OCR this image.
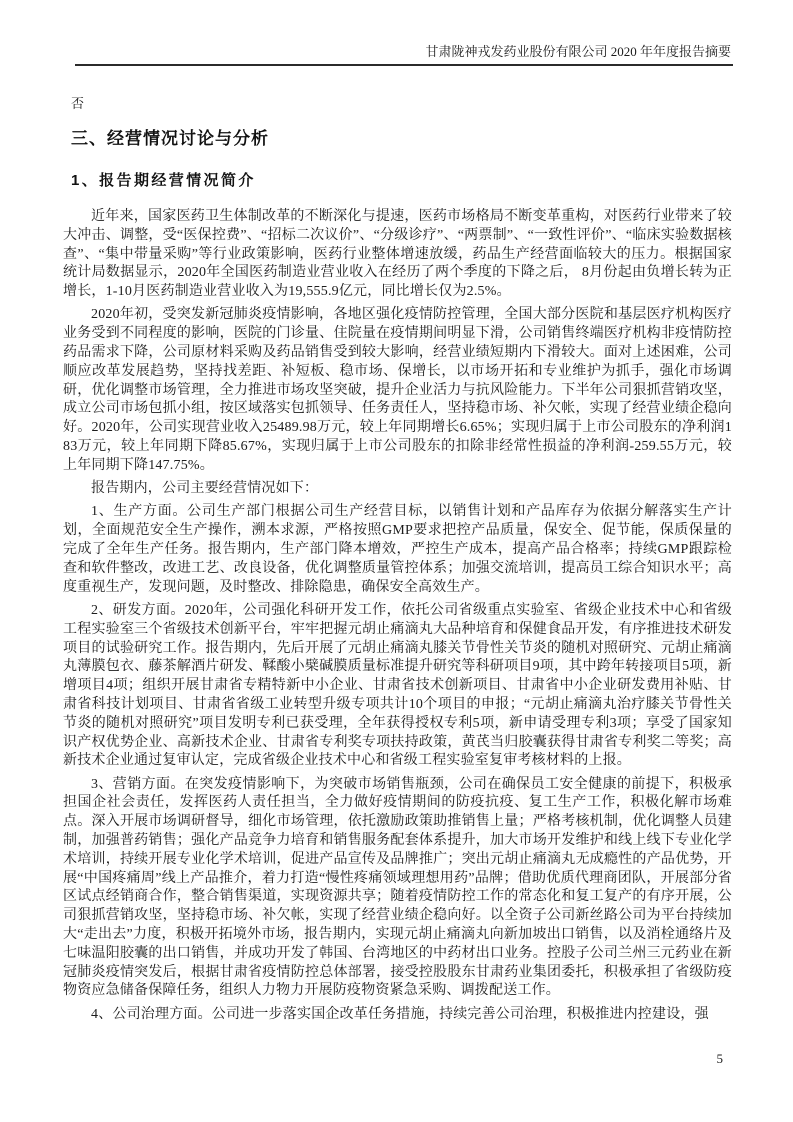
甘肃陇神戎发药业股份有限公司 2020 年年度报告摘要
否
三、经营情况讨论与分析
1、报告期经营情况简介

近年来，国家医药卫生体制改革的不断深化与提速，医药市场格局不断变革重构，对医药行业带来了较大冲击、调整，受“医保控费”、“招标二次议价”、“分级诊疗”、“两票制”、“一致性评价”、“临床实验数据核查”、“集中带量采购”等行业政策影响，医药行业整体增速放缓，药品生产经营面临较大的压力。根据国家统计局数据显示，2020年全国医药制造业营业收入在经历了两个季度的下降之后， 8月份起由负增长转为正增长，1-10月医药制造业营业收入为19,555.9亿元，同比增长仅为2.5%。

2020年初，受突发新冠肺炎疫情影响，各地区强化疫情防控管理，全国大部分医院和基层医疗机构医疗业务受到不同程度的影响，医院的门诊量、住院量在疫情期间明显下滑，公司销售终端医疗机构非疫情防控药品需求下降，公司原材料采购及药品销售受到较大影响，经营业绩短期内下滑较大。面对上述困难，公司顺应改革发展趋势，坚持找差距、补短板、稳市场、保增长，以市场开拓和专业维护为抓手，强化市场调研，优化调整市场管理，全力推进市场攻坚突破，提升企业活力与抗风险能力。下半年公司狠抓营销攻坚，成立公司市场包抓小组，按区域落实包抓领导、任务责任人，坚持稳市场、补欠帐，实现了经营业绩企稳向好。2020年，公司实现营业收入25489.98万元，较上年同期增长6.65%；实现归属于上市公司股东的净利润183万元，较上年同期下降85.67%，实现归属于上市公司股东的扣除非经常性损益的净利润-259.55万元，较上年同期下降147.75%。

报告期内，公司主要经营情况如下：

1、生产方面。公司生产部门根据公司生产经营目标，以销售计划和产品库存为依据分解落实生产计划，全面规范安全生产操作，溯本求源，严格按照GMP要求把控产品质量，保安全、促节能，保质保量的完成了全年生产任务。报告期内，生产部门降本增效，严控生产成本，提高产品合格率；持续GMP跟踪检查和软件整改，改进工艺、改良设备，优化调整质量管控体系；加强交流培训，提高员工综合知识水平；高度重视生产，发现问题，及时整改、排除隐患，确保安全高效生产。

2、研发方面。2020年，公司强化科研开发工作，依托公司省级重点实验室、省级企业技术中心和省级工程实验室三个省级技术创新平台，牢牢把握元胡止痛滴丸大品种培育和保健食品开发，有序推进技术研发项目的试验研究工作。报告期内，先后开展了元胡止痛滴丸膝关节骨性关节炎的随机对照研究、元胡止痛滴丸薄膜包衣、藤茶解酒片研发、鞣酸小檗碱膜质量标准提升研究等科研项目9项，其中跨年转接项目5项，新增项目4项；组织开展甘肃省专精特新中小企业、甘肃省技术创新项目、甘肃省中小企业研发费用补贴、甘肃省科技计划项目、甘肃省省级工业转型升级专项共计10个项目的申报；“元胡止痛滴丸治疗膝关节骨性关节炎的随机对照研究”项目发明专利已获受理，全年获得授权专利5项，新申请受理专利3项；享受了国家知识产权优势企业、高新技术企业、甘肃省专利奖专项扶持政策，黄芪当归胶囊获得甘肃省专利奖二等奖；高新技术企业通过复审认定，完成省级企业技术中心和省级工程实验室复审考核材料的上报。

3、营销方面。在突发疫情影响下，为突破市场销售瓶颈，公司在确保员工安全健康的前提下，积极承担国企社会责任，发挥医药人责任担当，全力做好疫情期间的防疫抗疫、复工生产工作，积极化解市场难点。深入开展市场调研督导，细化市场管理，依托激励政策助推销售上量；严格考核机制，优化调整人员建制，加强普药销售；强化产品竞争力培育和销售服务配套体系提升，加大市场开发维护和线上线下专业化学术培训，持续开展专业化学术培训，促进产品宣传及品牌推广；突出元胡止痛滴丸无成瘾性的产品优势，开展“中国疼痛周”线上产品推介，着力打造“慢性疼痛领域理想用药”品牌；借助优质代理商团队，开展部分省区试点经销商合作，整合销售渠道，实现资源共享；随着疫情防控工作的常态化和复工复产的有序开展，公司狠抓营销攻坚，坚持稳市场、补欠帐，实现了经营业绩企稳向好。以全资子公司新丝路公司为平台持续加大“走出去”力度，积极开拓境外市场，报告期内，实现元胡止痛滴丸向新加坡出口销售，以及消栓通络片及七味温阳胶囊的出口销售，并成功开发了韩国、台湾地区的中药材出口业务。控股子公司兰州三元药业在新冠肺炎疫情突发后，根据甘肃省疫情防控总体部署，接受控股股东甘肃药业集团委托，积极承担了省级防疫物资应急储备保障任务，组织人力物力开展防疫物资紧急采购、调拨配送工作。

4、公司治理方面。公司进一步落实国企改革任务措施，持续完善公司治理，积极推进内控建设，强

5
